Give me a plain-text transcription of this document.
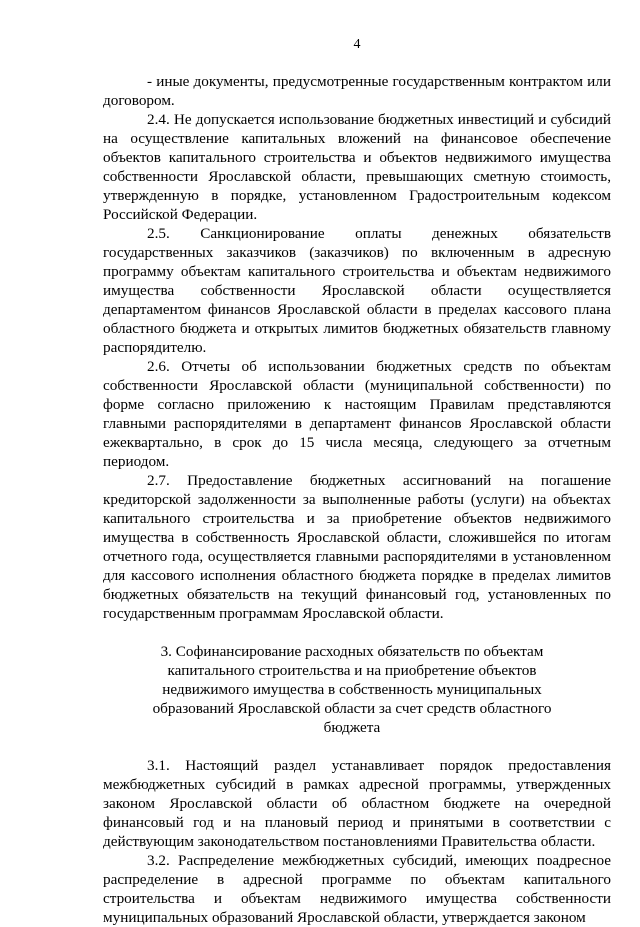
4

- иные документы, предусмотренные государственным контрактом или договором.

2.4. Не допускается использование бюджетных инвестиций и субсидий на осуществление капитальных вложений на финансовое обеспечение объектов капитального строительства и объектов недвижимого имущества собственности Ярославской области, превышающих сметную стоимость, утвержденную в порядке, установленном Градостроительным кодексом Российской Федерации.

2.5. Санкционирование оплаты денежных обязательств государственных заказчиков (заказчиков) по включенным в адресную программу объектам капитального строительства и объектам недвижимого имущества собственности Ярославской области осуществляется департаментом финансов Ярославской области в пределах кассового плана областного бюджета и открытых лимитов бюджетных обязательств главному распорядителю.

2.6. Отчеты об использовании бюджетных средств по объектам собственности Ярославской области (муниципальной собственности) по форме согласно приложению к настоящим Правилам представляются главными распорядителями в департамент финансов Ярославской области ежеквартально, в срок до 15 числа месяца, следующего за отчетным периодом.

2.7. Предоставление бюджетных ассигнований на погашение кредиторской задолженности за выполненные работы (услуги) на объектах капитального строительства и за приобретение объектов недвижимого имущества в собственность Ярославской области, сложившейся по итогам отчетного года, осуществляется главными распорядителями в установленном для кассового исполнения областного бюджета порядке в пределах лимитов бюджетных обязательств на текущий финансовый год, установленных по государственным программам Ярославской области.

3. Софинансирование расходных обязательств по объектам капитального строительства и на приобретение объектов недвижимого имущества в собственность муниципальных образований Ярославской области за счет средств областного бюджета

3.1. Настоящий раздел устанавливает порядок предоставления межбюджетных субсидий в рамках адресной программы, утвержденных законом Ярославской области об областном бюджете на очередной финансовый год и на плановый период и принятыми в соответствии с действующим законодательством постановлениями Правительства области.

3.2. Распределение межбюджетных субсидий, имеющих поадресное распределение в адресной программе по объектам капитального строительства и объектам недвижимого имущества собственности муниципальных образований Ярославской области, утверждается законом
